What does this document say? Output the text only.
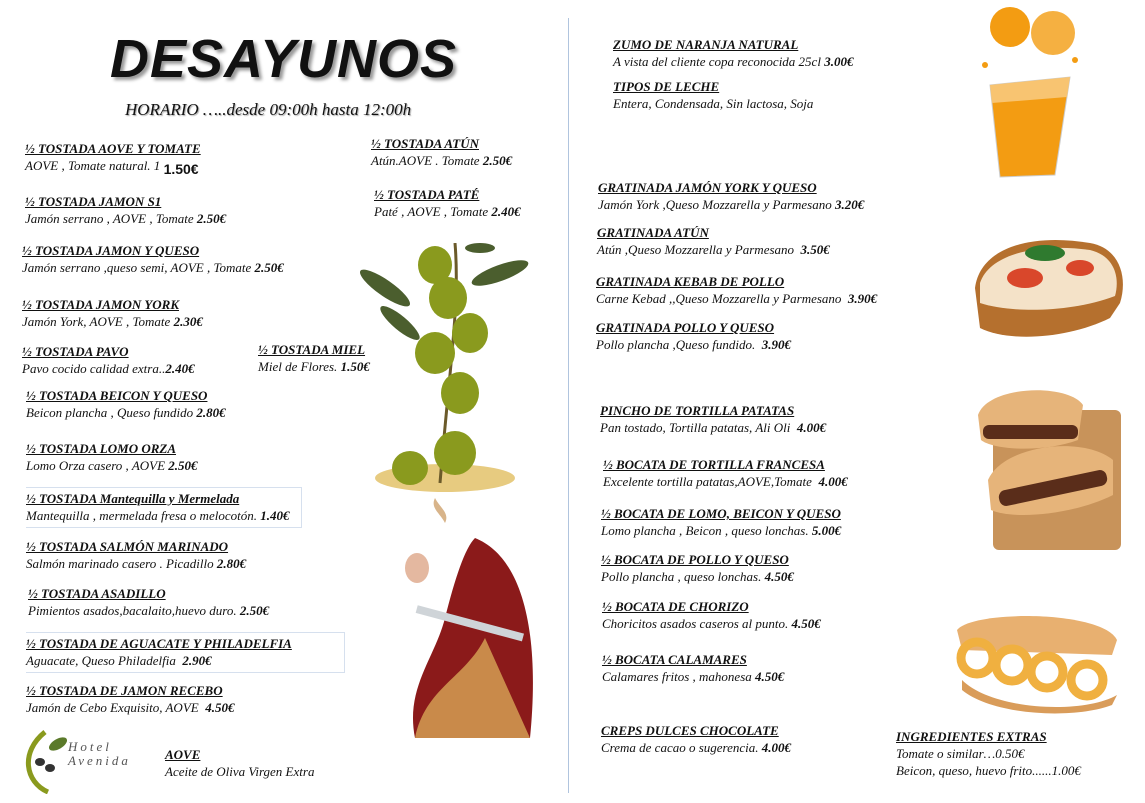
DESAYUNOS
HORARIO …..desde 09:00h hasta 12:00h
½ TOSTADA AOVE Y TOMATE
AOVE , Tomate natural. 1 1.50€
½ TOSTADA JAMON S1
Jamón serrano , AOVE , Tomate 2.50€
½ TOSTADA JAMON Y QUESO
Jamón serrano ,queso semi, AOVE , Tomate 2.50€
½ TOSTADA JAMON YORK
Jamón York, AOVE , Tomate 2.30€
½ TOSTADA PAVO
Pavo cocido calidad extra..2.40€
½ TOSTADA BEICON Y QUESO
Beicon plancha , Queso fundido 2.80€
½ TOSTADA LOMO ORZA
Lomo Orza casero , AOVE 2.50€
½ TOSTADA Mantequilla y Mermelada
Mantequilla , mermelada fresa o melocotón. 1.40€
½ TOSTADA SALMÓN MARINADO
Salmón marinado casero . Picadillo 2.80€
½ TOSTADA ASADILLO
Pimientos asados,bacalaito,huevo duro. 2.50€
½ TOSTADA DE AGUACATE Y PHILADELFIA
Aguacate, Queso Philadelfia 2.90€
½ TOSTADA DE JAMON RECEBO
Jamón de Cebo Exquisito, AOVE 4.50€
½ TOSTADA ATÚN
Atún.AOVE . Tomate 2.50€
½ TOSTADA PATÉ
Paté , AOVE , Tomate 2.40€
½ TOSTADA MIEL
Miel de Flores. 1.50€
Hotel
Avenida	AOVE
Aceite de Oliva Virgen Extra
ZUMO DE NARANJA NATURAL
A vista del cliente copa reconocida 25cl 3.00€
TIPOS DE LECHE
Entera, Condensada, Sin lactosa, Soja
GRATINADA JAMÓN YORK Y QUESO
Jamón York ,Queso Mozzarella y Parmesano 3.20€
GRATINADA ATÚN
Atún ,Queso Mozzarella y Parmesano 3.50€
GRATINADA KEBAB DE POLLO
Carne Kebad ,,Queso Mozzarella y Parmesano 3.90€
GRATINADA POLLO Y QUESO
Pollo plancha ,Queso fundido. 3.90€
PINCHO DE TORTILLA PATATAS
Pan tostado, Tortilla patatas, Ali Oli 4.00€
½ BOCATA DE TORTILLA FRANCESA
Excelente tortilla patatas,AOVE,Tomate 4.00€
½ BOCATA DE LOMO, BEICON Y QUESO
Lomo plancha , Beicon , queso lonchas. 5.00€
½ BOCATA DE POLLO Y QUESO
Pollo plancha , queso lonchas. 4.50€
½ BOCATA DE CHORIZO
Choricitos asados caseros al punto. 4.50€
½ BOCATA CALAMARES
Calamares fritos , mahonesa 4.50€
CREPS DULCES CHOCOLATE
Crema de cacao o sugerencia. 4.00€
INGREDIENTES EXTRAS
Tomate o similar…0.50€
Beicon, queso, huevo frito......1.00€
